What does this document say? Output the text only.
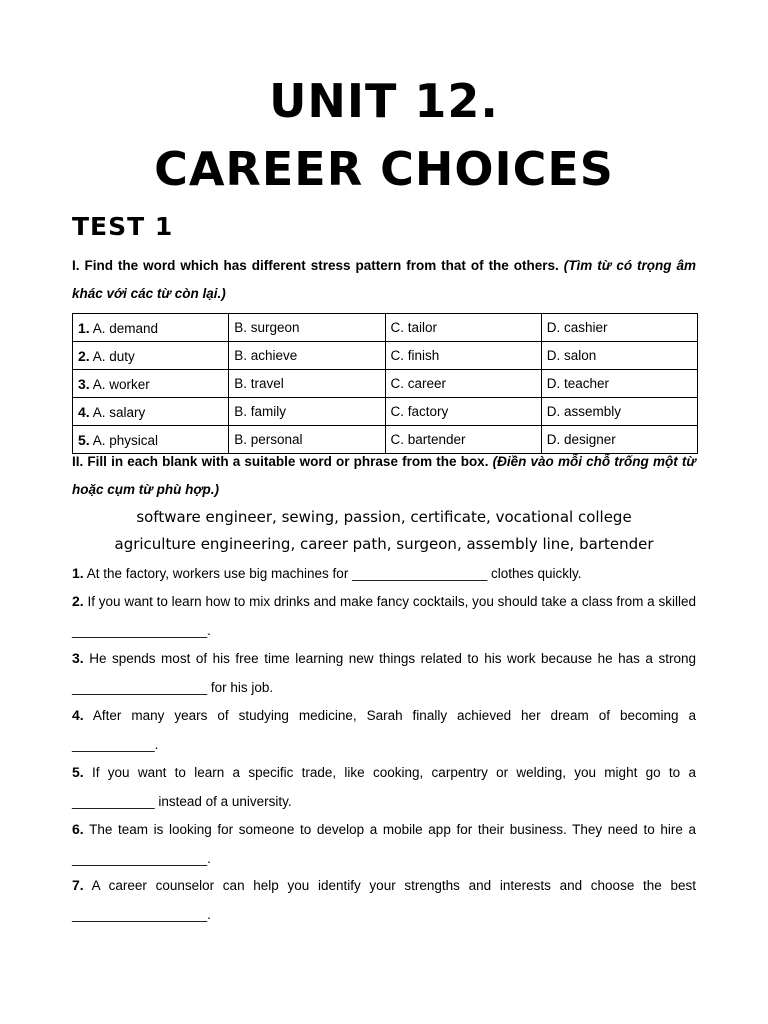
UNIT 12.
CAREER CHOICES
TEST 1
I. Find the word which has different stress pattern from that of the others. (Tìm từ có trọng âm khác với các từ còn lại.)
1. A. demand	B. surgeon	C. tailor	D. cashier
2. A. duty	B. achieve	C. finish	D. salon
3. A. worker	B. travel	C. career	D. teacher
4. A. salary	B. family	C. factory	D. assembly
5. A. physical	B. personal	C. bartender	D. designer
II. Fill in each blank with a suitable word or phrase from the box. (Điền vào mỗi chỗ trống một từ hoặc cụm từ phù hợp.)
software engineer, sewing, passion, certificate, vocational college
agriculture engineering, career path, surgeon, assembly line, bartender
1. At the factory, workers use big machines for __________________ clothes quickly.
2. If you want to learn how to mix drinks and make fancy cocktails, you should take a class from a skilled __________________.
3. He spends most of his free time learning new things related to his work because he has a strong __________________ for his job.
4. After many years of studying medicine, Sarah finally achieved her dream of becoming a ___________.
5. If you want to learn a specific trade, like cooking, carpentry or welding, you might go to a ___________ instead of a university.
6. The team is looking for someone to develop a mobile app for their business. They need to hire a __________________.
7. A career counselor can help you identify your strengths and interests and choose the best __________________.
